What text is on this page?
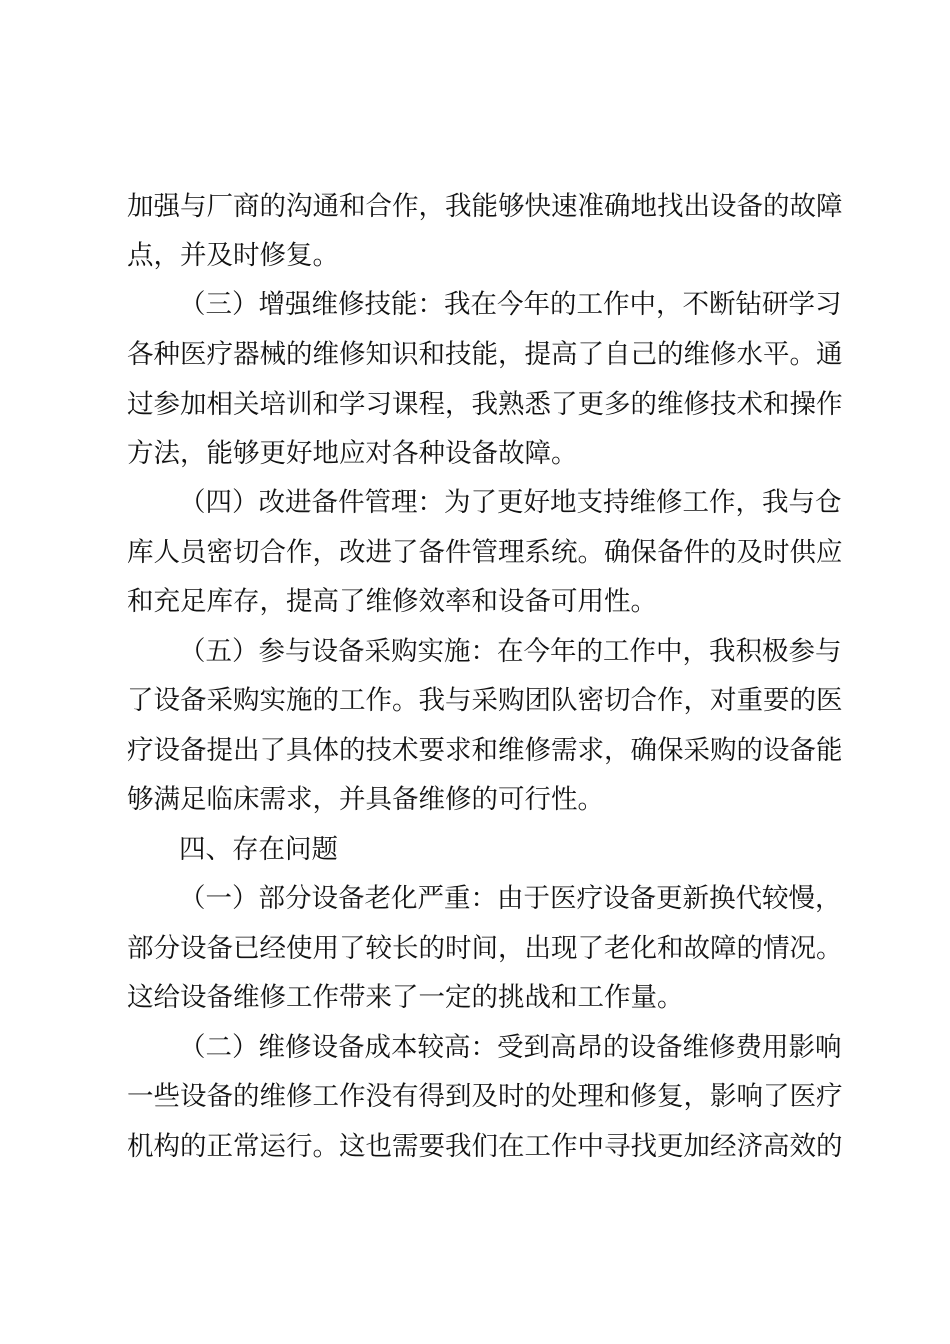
加强与厂商的沟通和合作，我能够快速准确地找出设备的故障
点，并及时修复。
（三）增强维修技能：我在今年的工作中，不断钻研学习
各种医疗器械的维修知识和技能，提高了自己的维修水平。通
过参加相关培训和学习课程，我熟悉了更多的维修技术和操作
方法，能够更好地应对各种设备故障。
（四）改进备件管理：为了更好地支持维修工作，我与仓
库人员密切合作，改进了备件管理系统。确保备件的及时供应
和充足库存，提高了维修效率和设备可用性。
（五）参与设备采购实施：在今年的工作中，我积极参与
了设备采购实施的工作。我与采购团队密切合作，对重要的医
疗设备提出了具体的技术要求和维修需求，确保采购的设备能
够满足临床需求，并具备维修的可行性。
四、存在问题
（一）部分设备老化严重：由于医疗设备更新换代较慢，
部分设备已经使用了较长的时间，出现了老化和故障的情况。
这给设备维修工作带来了一定的挑战和工作量。
（二）维修设备成本较高：受到高昂的设备维修费用影响
一些设备的维修工作没有得到及时的处理和修复，影响了医疗
机构的正常运行。这也需要我们在工作中寻找更加经济高效的
